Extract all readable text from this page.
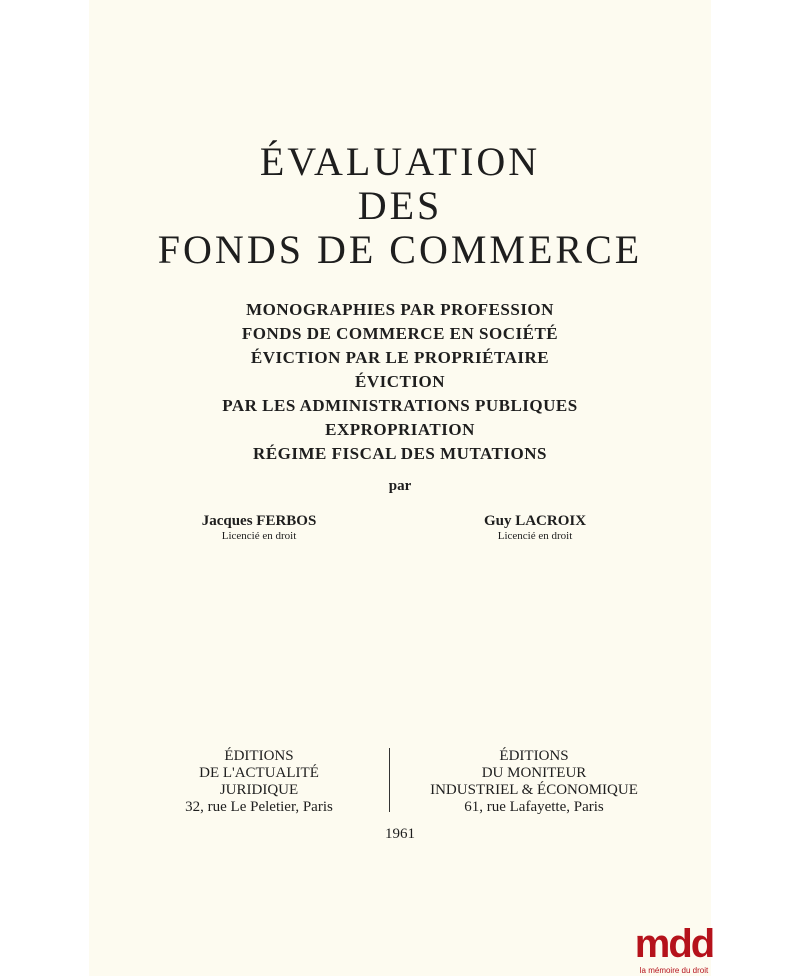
ÉVALUATION
DES
FONDS DE COMMERCE
MONOGRAPHIES PAR PROFESSION
FONDS DE COMMERCE EN SOCIÉTÉ
ÉVICTION PAR LE PROPRIÉTAIRE
ÉVICTION
PAR LES ADMINISTRATIONS PUBLIQUES
EXPROPRIATION
RÉGIME FISCAL DES MUTATIONS
par
Jacques FERBOS
Licencié en droit
Guy LACROIX
Licencié en droit
ÉDITIONS
DE L'ACTUALITÉ
JURIDIQUE
32, rue Le Peletier, Paris
ÉDITIONS
DU MONITEUR
INDUSTRIEL & ÉCONOMIQUE
61, rue Lafayette, Paris
1961
mdd
la mémoire du droit
